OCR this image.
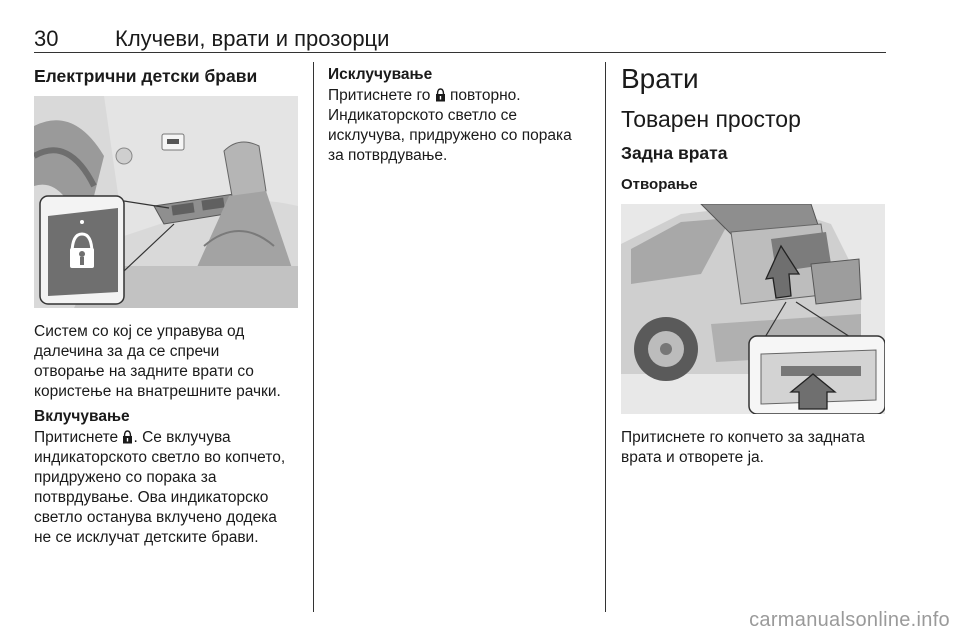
30	Клучеви, врати и прозорци
Електрични детски брави
Систем со кој се управува од
далечина за да се спречи
отворање на задните врати со
користење на внатрешните рачки.
Вклучување
Притиснете . Се вклучува
индикаторското светло во копчето,
придружено со порака за
потврдување. Ова индикаторско
светло останува вклучено додека
не се исклучат детските брави.
Исклучување
Притиснете го повторно.
Индикаторското светло се
исклучува, придружено со порака
за потврдување.
Врати
Товарен простор
Задна врата
Отворање
Притиснете го копчето за задната
врата и отворете ја.
carmanualsonline.info
